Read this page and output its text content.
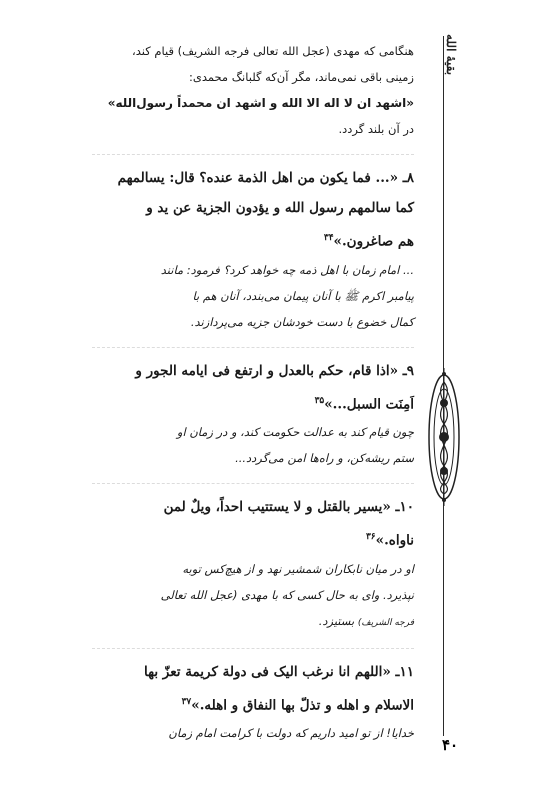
هنگامی که مهدی (عجل الله تعالی فرجه الشریف) قیام کند،

زمینی باقی نمی‌ماند، مگر آن‌که گلبانگ محمدی:

«اشهد ان لا اله الا الله و اشهد ان محمداً رسول‌الله»

در آن بلند گردد.

۸ـ «... فما یکون من اهل الذمة عنده؟ قال: یسالمهم

کما سالمهم رسول الله و یؤدون الجزیة عن ید و

هم صاغرون.»$^{۳۴}$

... امام زمان با اهل ذمه چه خواهد کرد؟ فرمود: مانند

پیامبر اکرم ﷺ با آنان پیمان می‌بندد، آنان هم با

کمال خضوع با دست خودشان جزیه می‌پردازند.

۹ـ «اذا قام، حکم بالعدل و ارتفع فی ایامه الجور و

اَمِنَت السبل...»$^{۳۵}$

چون قیام کند به عدالت حکومت کند، و در زمان او

ستم ریشه‌کن، و راه‌ها امن می‌گردد...

۱۰ـ «یسیر بالقتل و لا یستتیب احداً، ویلٌ لمن

ناواه.»$^{۳۶}$

او در میان نابکاران شمشیر نهد و از هیچ‌کس توبه

نپذیرد. وای به حال کسی که با مهدی (عجل الله تعالی

فرجه الشریف) بستیزد.

۱۱ـ «اللهم انا نرغب الیک فی دولة کریمة تعزّ بها

الاسلام و اهله و تذلّ بها النفاق و اهله.»$^{۳۷}$

خدایا! از تو امید داریم که دولت با کرامت امام زمان

بقیۀ الله
۴۰
